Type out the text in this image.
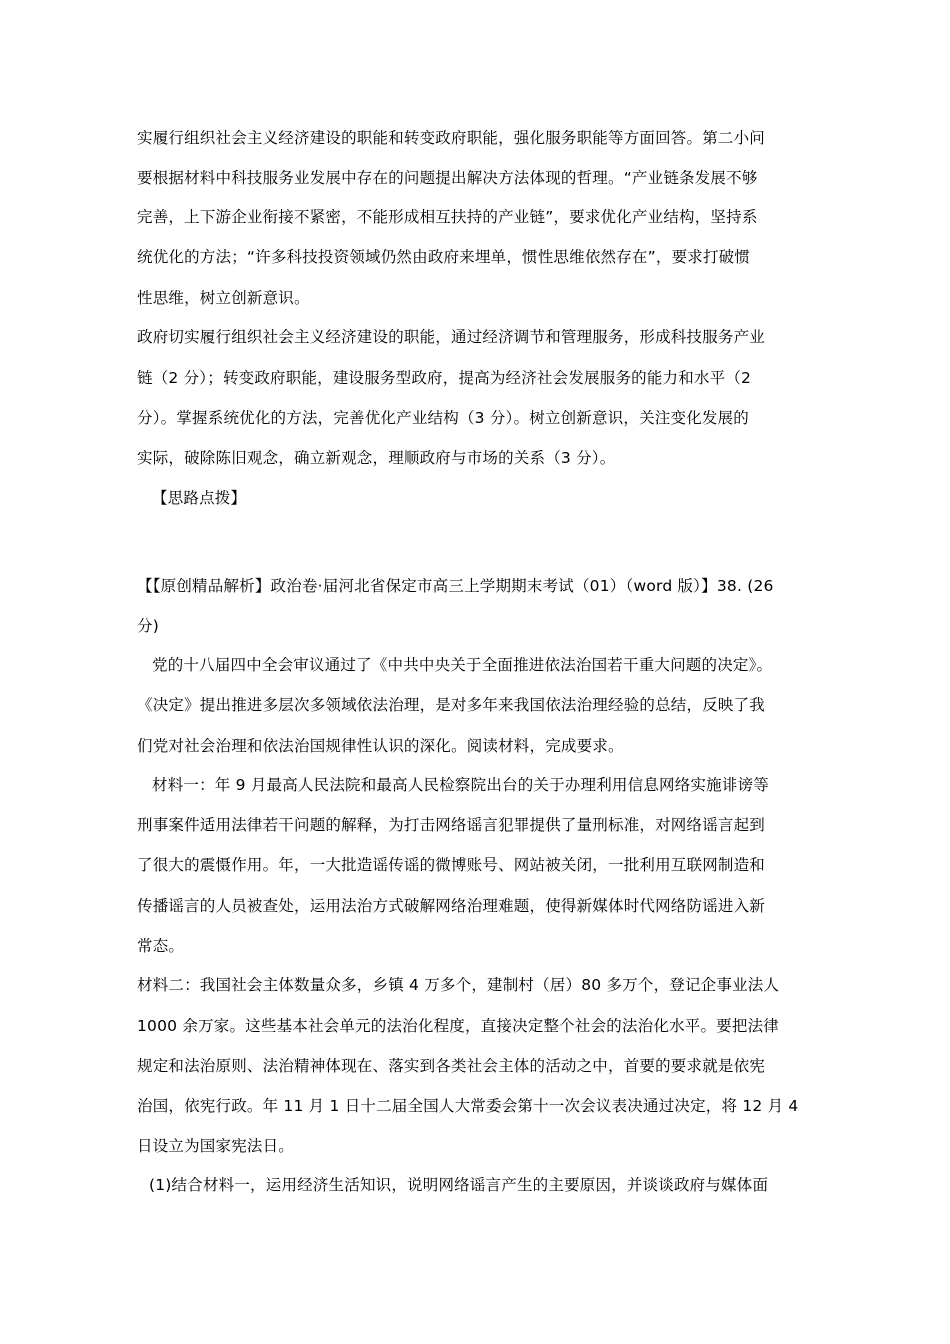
实履行组织社会主义经济建设的职能和转变政府职能，强化服务职能等方面回答。第二小问
要根据材料中科技服务业发展中存在的问题提出解决方法体现的哲理。“产业链条发展不够
完善，上下游企业衔接不紧密，不能形成相互扶持的产业链”，要求优化产业结构，坚持系
统优化的方法；“许多科技投资领域仍然由政府来埋单，惯性思维依然存在”，要求打破惯
性思维，树立创新意识。
政府切实履行组织社会主义经济建设的职能，通过经济调节和管理服务，形成科技服务产业
链（2 分）；转变政府职能，建设服务型政府，提高为经济社会发展服务的能力和水平（2
分）。掌握系统优化的方法，完善优化产业结构（3 分）。树立创新意识，关注变化发展的
实际，破除陈旧观念，确立新观念，理顺政府与市场的关系（3 分）。
【思路点拨】
【【原创精品解析】政治卷·届河北省保定市高三上学期期末考试（01）（word 版）】38. (26
分)
党的十八届四中全会审议通过了《中共中央关于全面推进依法治国若干重大问题的决定》。
《决定》提出推进多层次多领域依法治理，是对多年来我国依法治理经验的总结，反映了我
们党对社会治理和依法治国规律性认识的深化。阅读材料，完成要求。
材料一：年 9 月最高人民法院和最高人民检察院出台的关于办理利用信息网络实施诽谤等
刑事案件适用法律若干问题的解释，为打击网络谣言犯罪提供了量刑标准，对网络谣言起到
了很大的震慑作用。年，一大批造谣传谣的微博账号、网站被关闭，一批利用互联网制造和
传播谣言的人员被查处，运用法治方式破解网络治理难题，使得新媒体时代网络防谣进入新
常态。
材料二：我国社会主体数量众多，乡镇 4 万多个，建制村（居）80 多万个，登记企事业法人
1000 余万家。这些基本社会单元的法治化程度，直接决定整个社会的法治化水平。要把法律
规定和法治原则、法治精神体现在、落实到各类社会主体的活动之中，首要的要求就是依宪
治国，依宪行政。年 11 月 1 日十二届全国人大常委会第十一次会议表决通过决定，将 12 月 4
日设立为国家宪法日。
(1)结合材料一，运用经济生活知识，说明网络谣言产生的主要原因，并谈谈政府与媒体面
